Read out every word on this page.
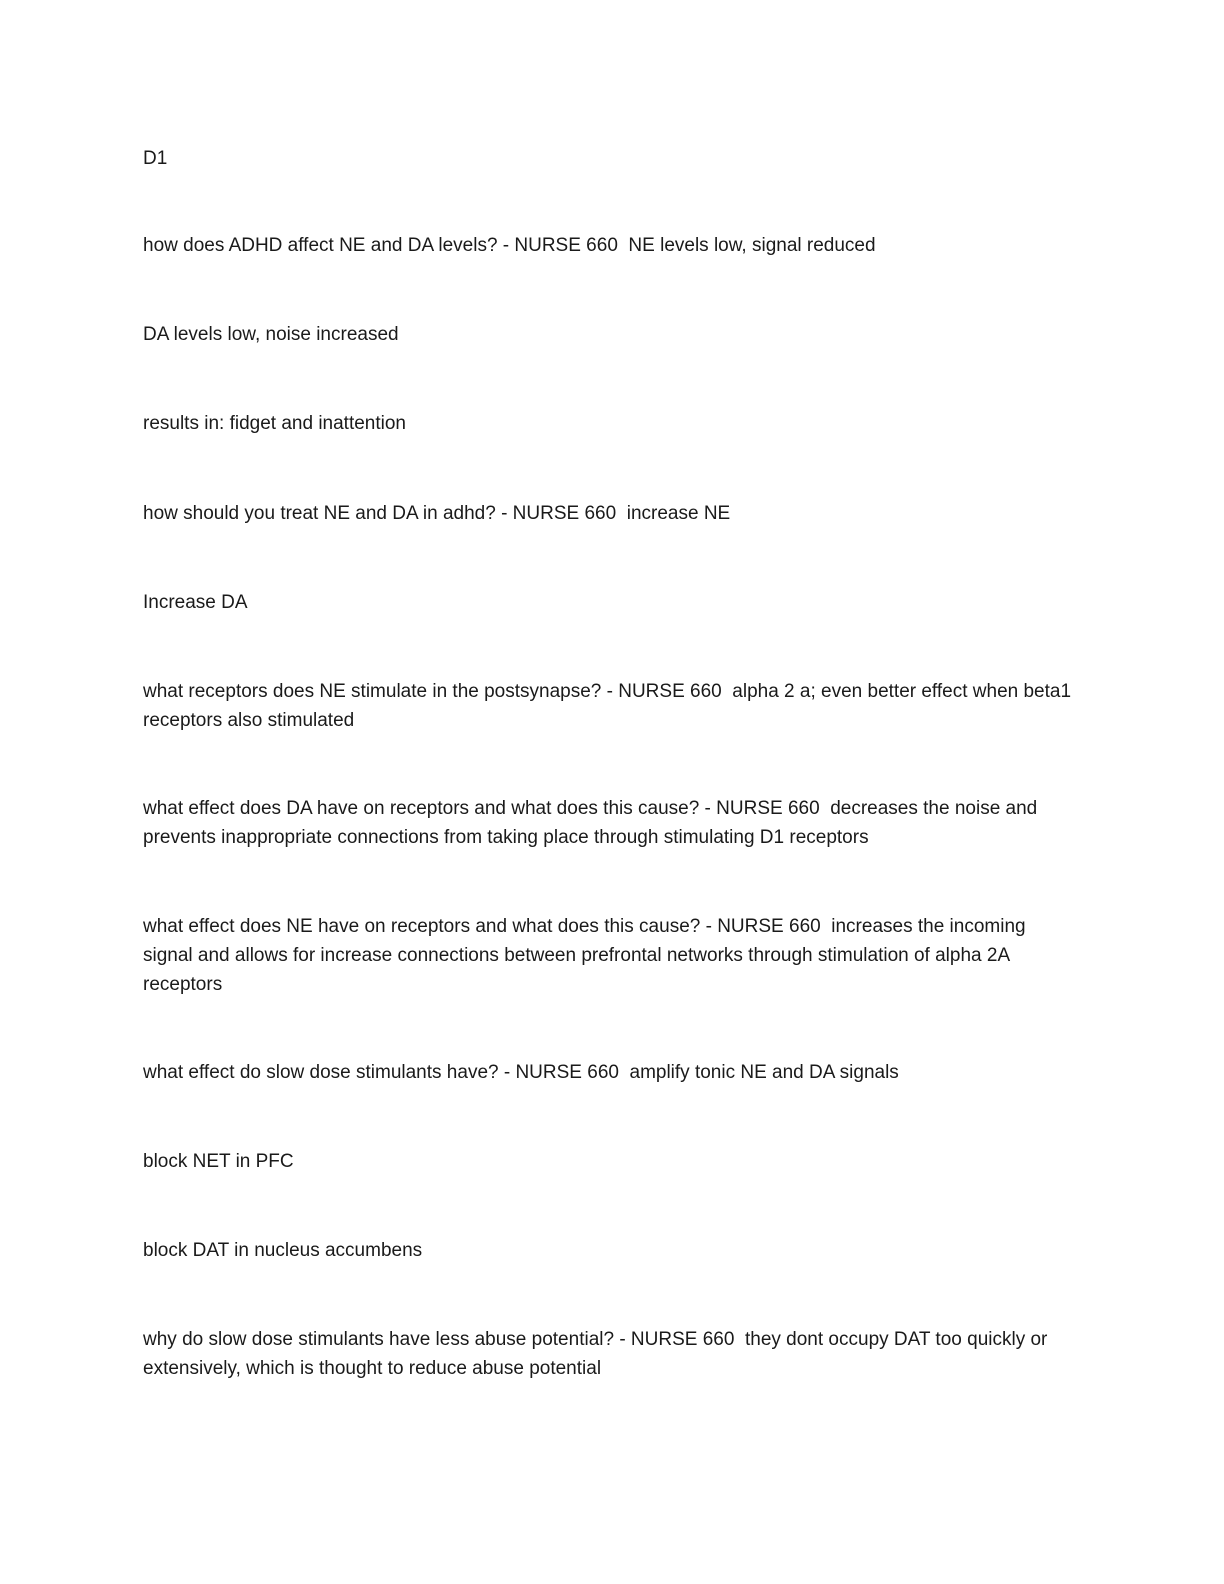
D1

how does ADHD affect NE and DA levels? - NURSE 660  NE levels low, signal reduced

DA levels low, noise increased

results in: fidget and inattention

how should you treat NE and DA in adhd? - NURSE 660  increase NE

Increase DA

what receptors does NE stimulate in the postsynapse? - NURSE 660  alpha 2 a; even better effect when beta1 receptors also stimulated

what effect does DA have on receptors and what does this cause? - NURSE 660  decreases the noise and prevents inappropriate connections from taking place through stimulating D1 receptors

what effect does NE have on receptors and what does this cause? - NURSE 660  increases the incoming signal and allows for increase connections between prefrontal networks through stimulation of alpha 2A receptors

what effect do slow dose stimulants have? - NURSE 660  amplify tonic NE and DA signals

block NET in PFC

block DAT in nucleus accumbens

why do slow dose stimulants have less abuse potential? - NURSE 660  they dont occupy DAT too quickly or extensively, which is thought to reduce abuse potential
